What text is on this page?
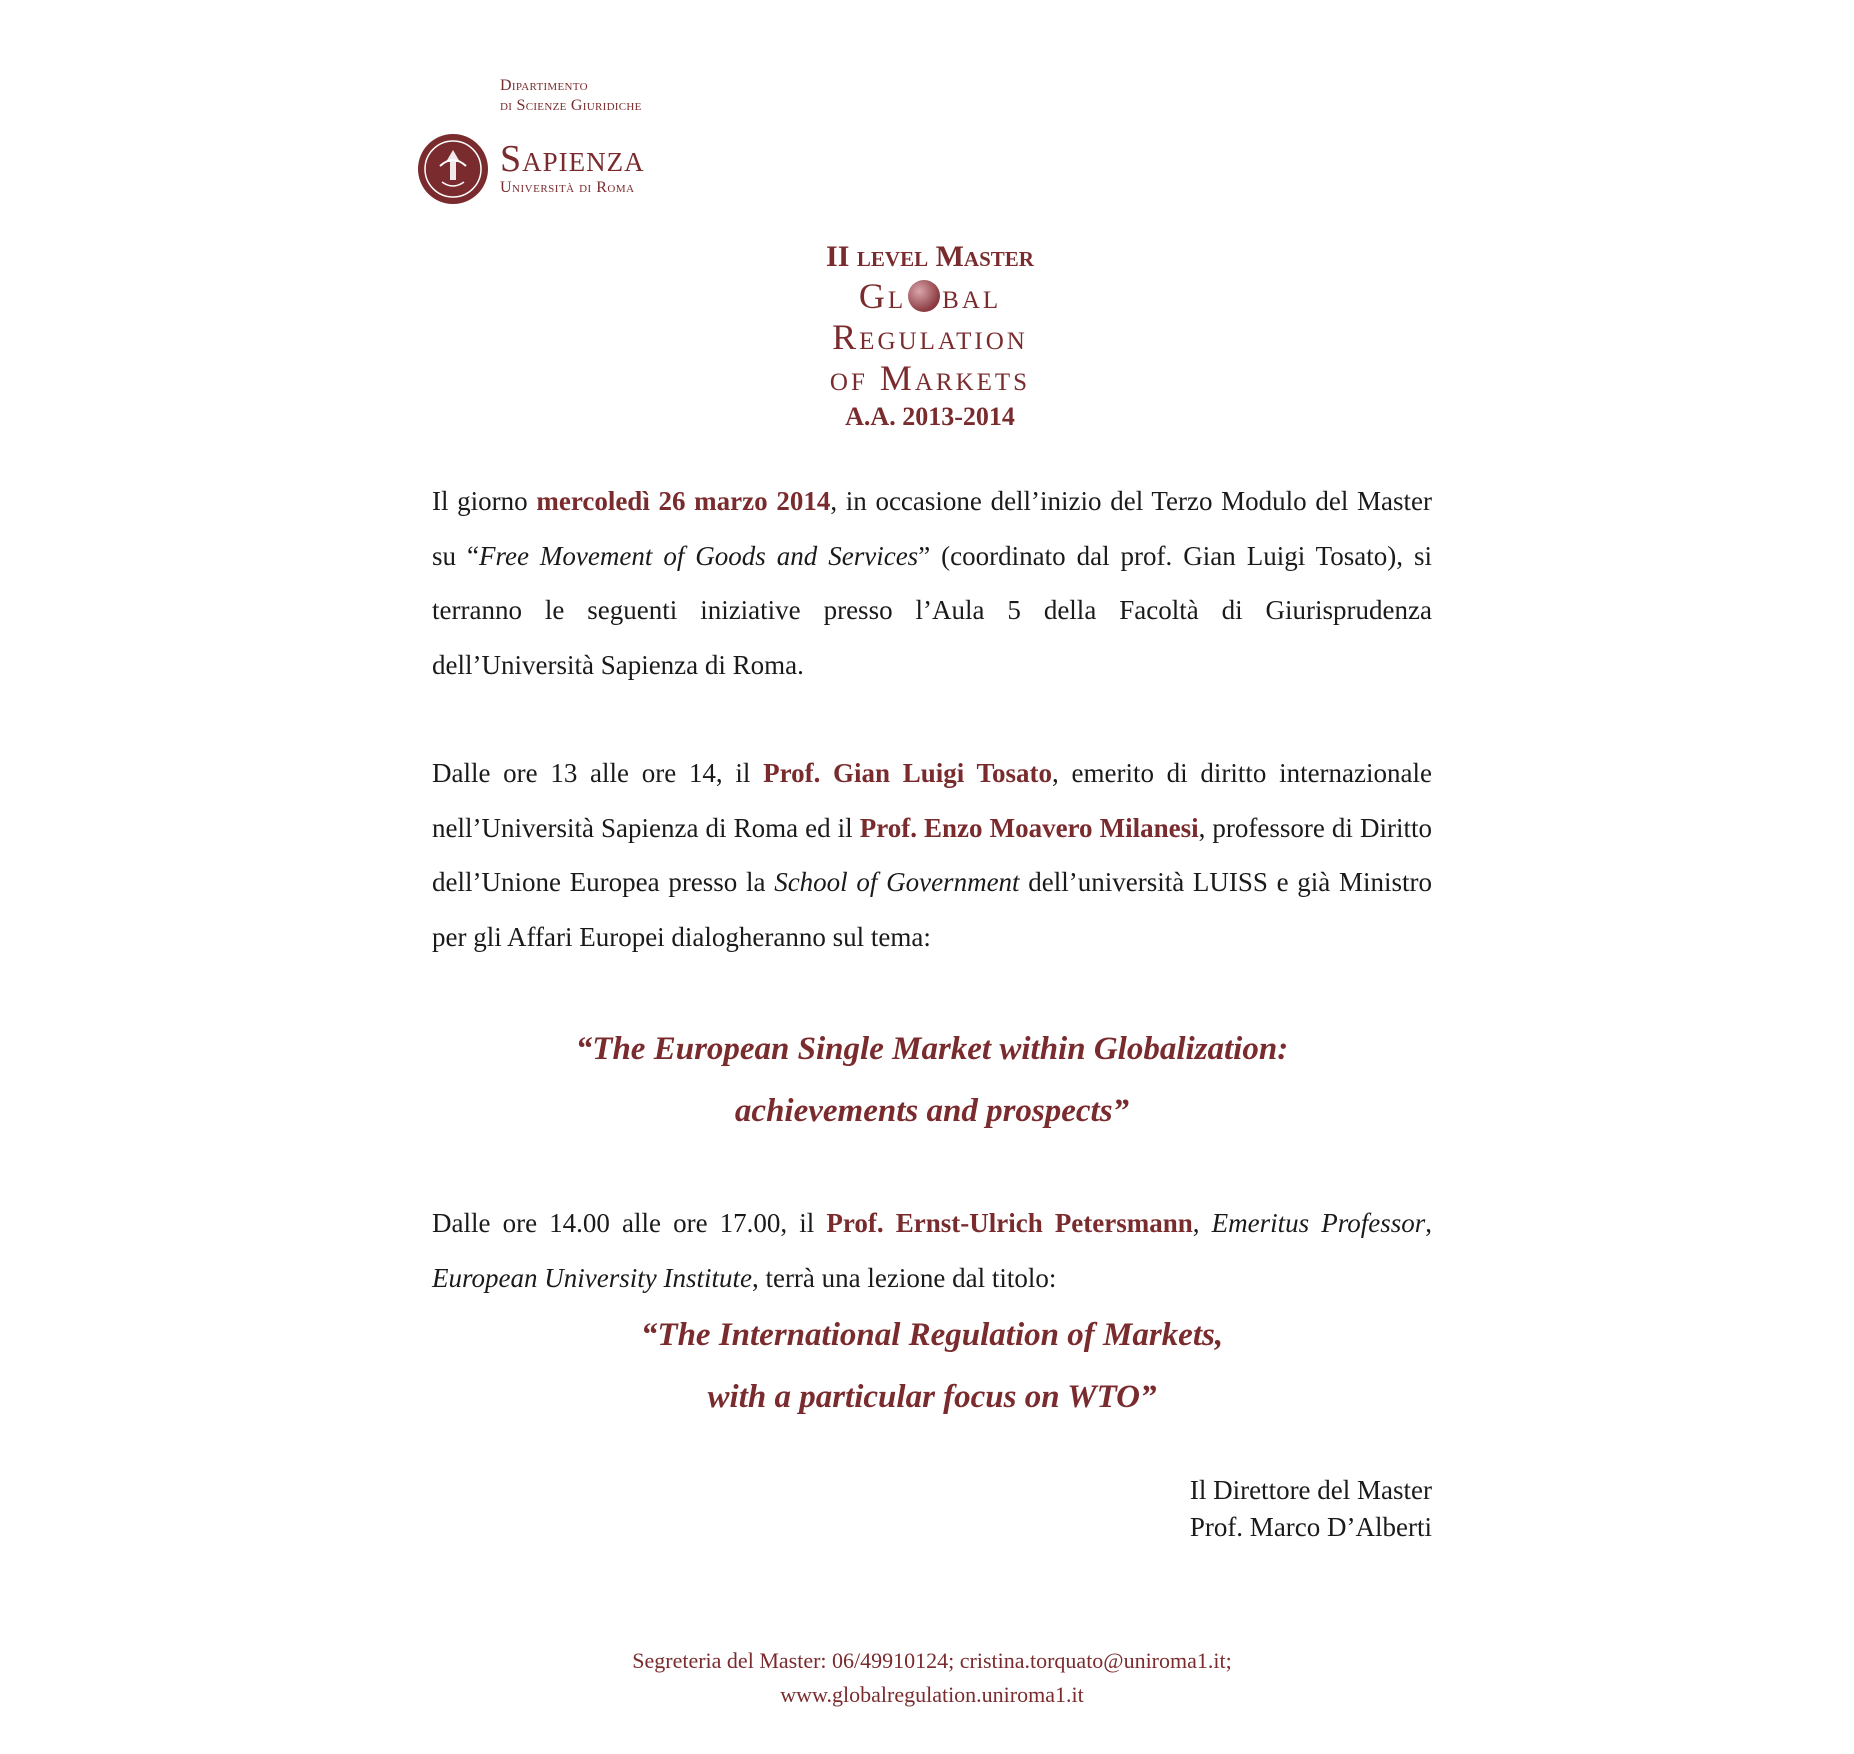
Dipartimento
di Scienze Giuridiche
Sapienza
Università di Roma
II level Master
Gl bal
Regulation
of Markets
A.A. 2013-2014
Il giorno mercoledì 26 marzo 2014, in occasione dell’inizio del Terzo Modulo del Master su “Free Movement of Goods and Services” (coordinato dal prof. Gian Luigi Tosato), si terranno le seguenti iniziative presso l’Aula 5 della Facoltà di Giurisprudenza dell’Università Sapienza di Roma.
Dalle ore 13 alle ore 14, il Prof. Gian Luigi Tosato, emerito di diritto internazionale nell’Università Sapienza di Roma ed il Prof. Enzo Moavero Milanesi, professore di Diritto dell’Unione Europea presso la School of Government dell’università LUISS e già Ministro per gli Affari Europei dialogheranno sul tema:
“The European Single Market within Globalization:
achievements and prospects”
Dalle ore 14.00 alle ore 17.00, il Prof. Ernst-Ulrich Petersmann, Emeritus Professor, European University Institute, terrà una lezione dal titolo:
“The International Regulation of Markets,
with a particular focus on WTO”
Il Direttore del Master
Prof. Marco D’Alberti
Segreteria del Master: 06/49910124; cristina.torquato@uniroma1.it;
www.globalregulation.uniroma1.it
